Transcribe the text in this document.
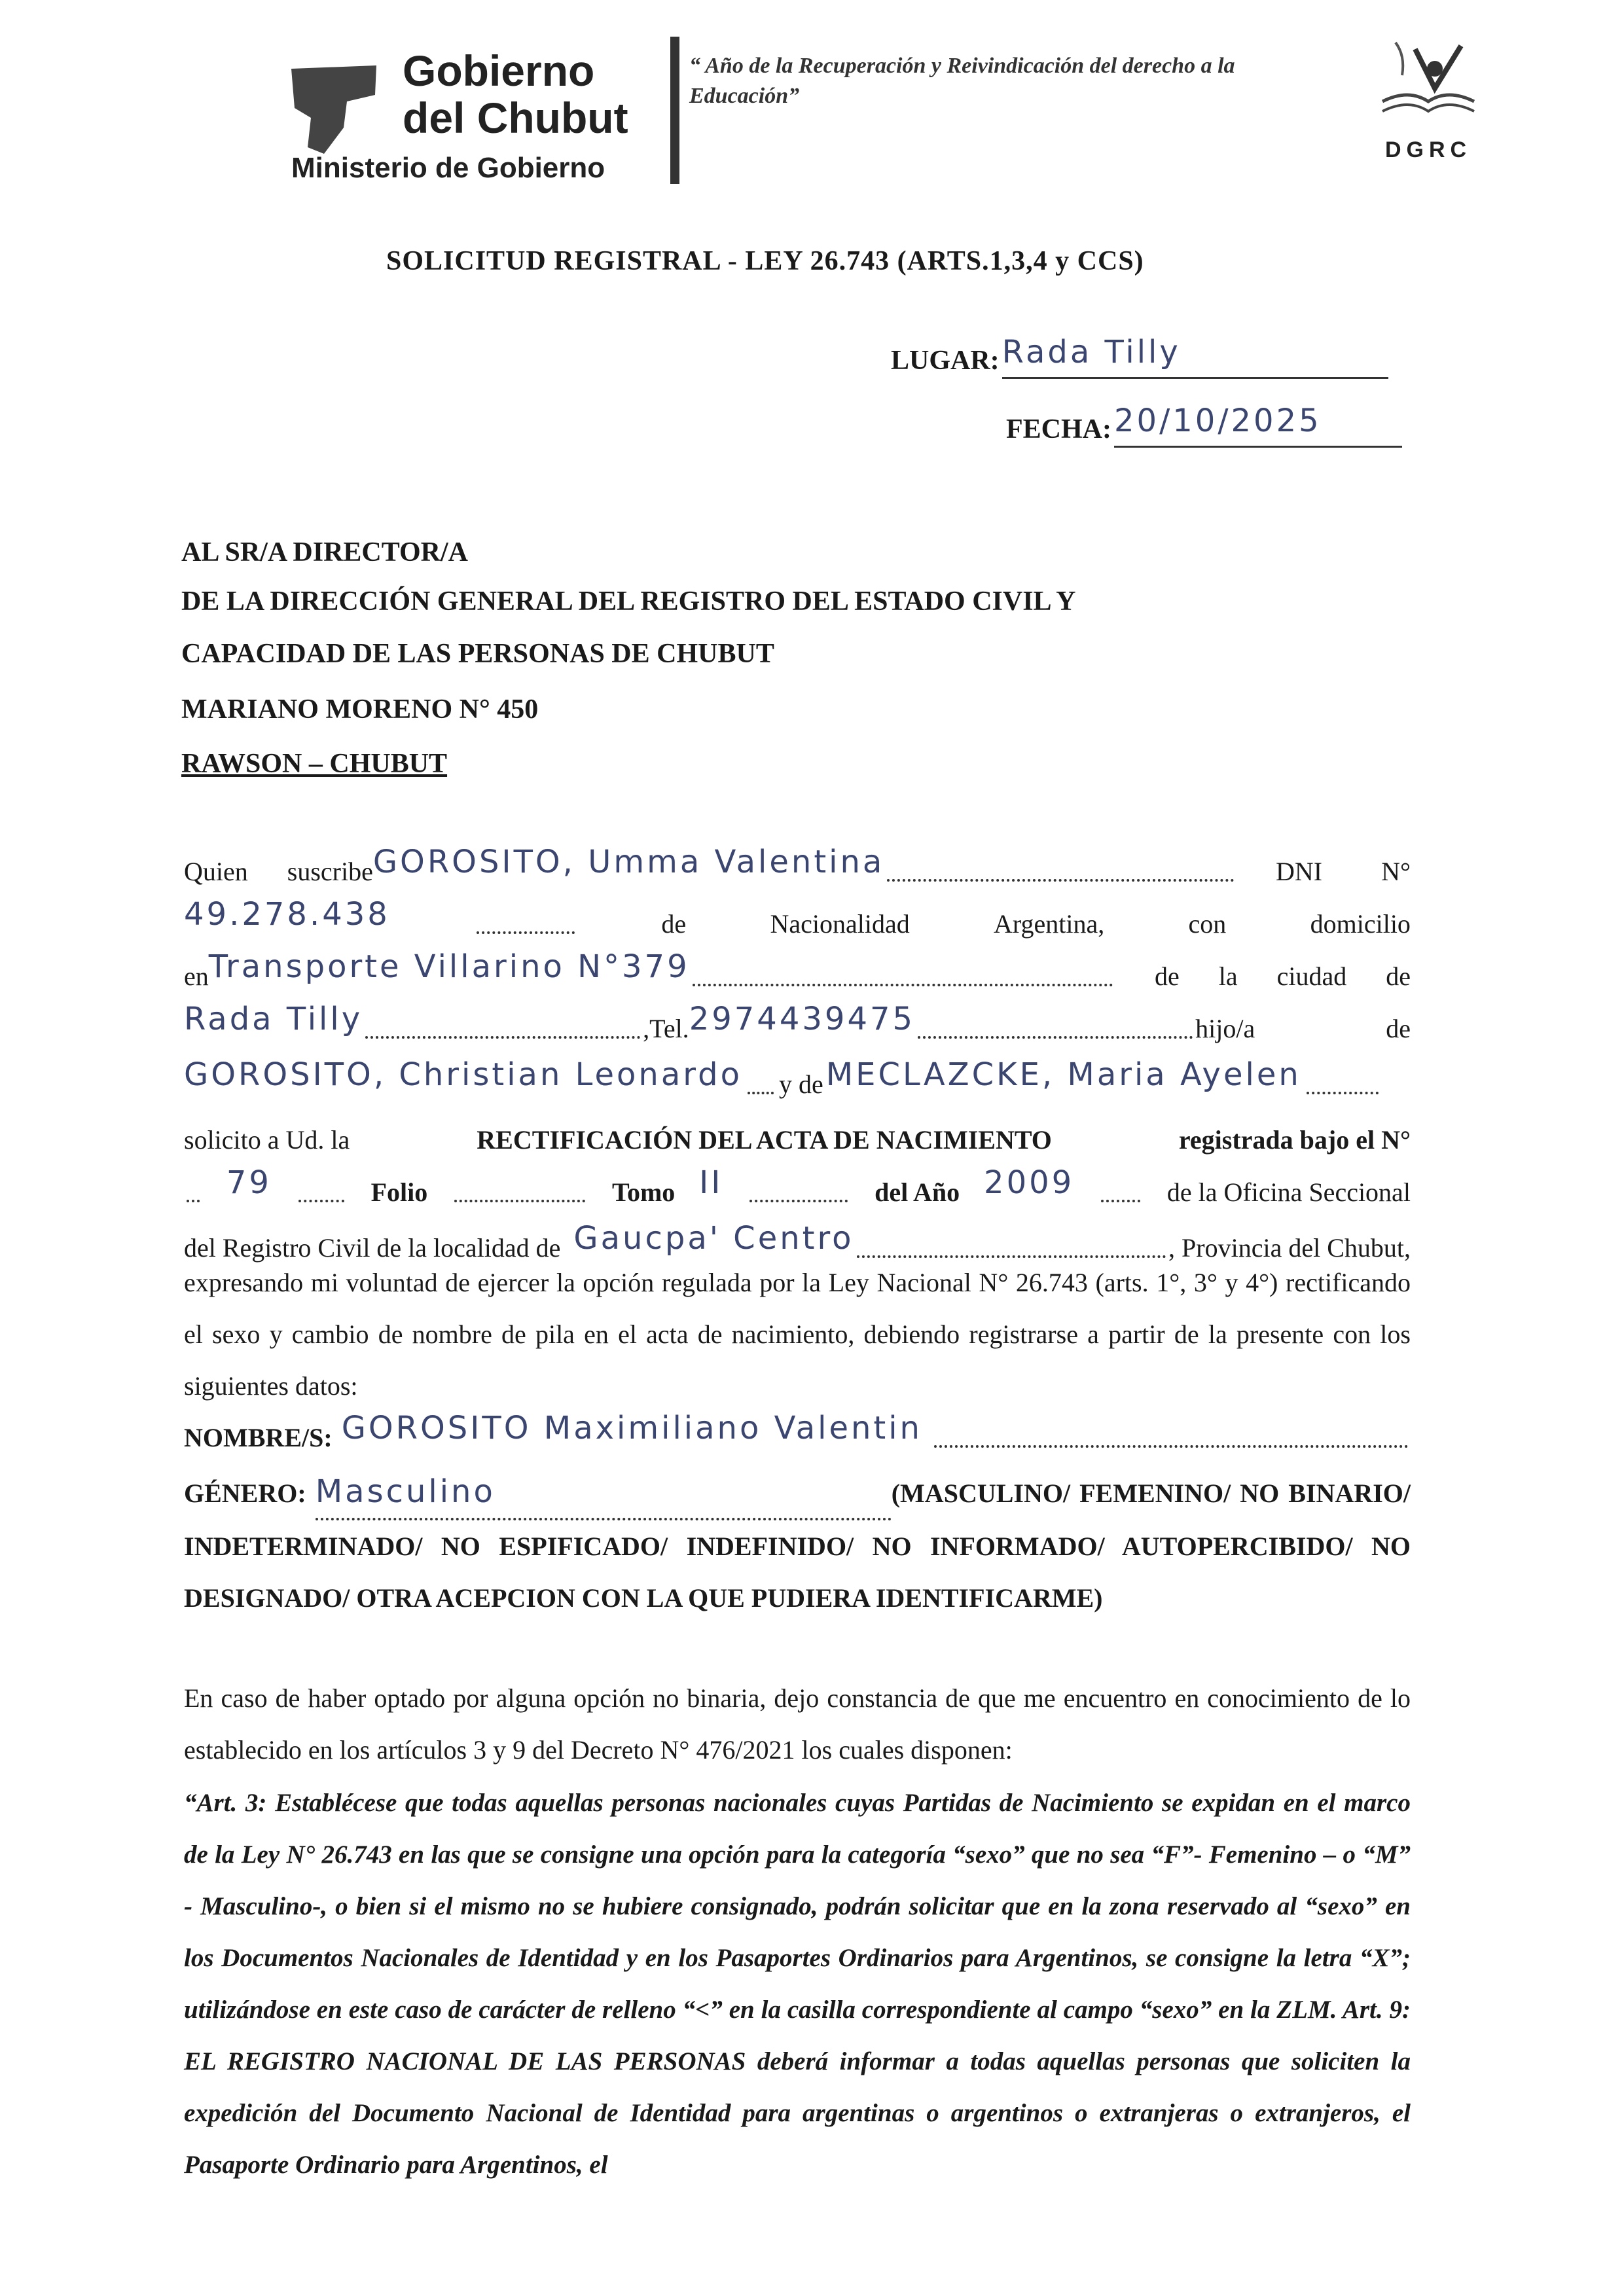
Gobierno
del Chubut
Ministerio de Gobierno
“ Año de la Recuperación y Reivindicación del derecho a la Educación”
DGRC
SOLICITUD REGISTRAL - LEY 26.743 (ARTS.1,3,4 y CCS)
LUGAR: Rada Tilly
FECHA: 20/10/2025
AL SR/A DIRECTOR/A
DE LA DIRECCIÓN GENERAL DEL REGISTRO DEL ESTADO CIVIL Y
CAPACIDAD DE LAS PERSONAS DE CHUBUT
MARIANO MORENO N° 450
RAWSON – CHUBUT
Quien suscribe GOROSITO, Umma Valentina	DNI N°
49.278.438	de	Nacionalidad	Argentina,	con	domicilio
en Transporte Villarino N°379	de la ciudad de
Rada Tilly	,Tel. 2974439475	hijo/a	de
GOROSITO, Christian Leonardo y de MECLAZCKE, Maria Ayelen
solicito a Ud. la	RECTIFICACIÓN DEL ACTA DE NACIMIENTO	registrada bajo el N°
79	Folio	Tomo II	del Año 2009	de la Oficina Seccional
del Registro Civil de la localidad de Gaucpa' Centro	, Provincia del Chubut,
expresando mi voluntad de ejercer la opción regulada por la Ley Nacional N° 26.743 (arts. 1°, 3° y 4°) rectificando el sexo y cambio de nombre de pila en el acta de nacimiento, debiendo registrarse a partir de la presente con los siguientes datos:
NOMBRE/S: GOROSITO Maximiliano Valentin
GÉNERO: Masculino	(MASCULINO/ FEMENINO/ NO BINARIO/ INDETERMINADO/ NO ESPIFICADO/ INDEFINIDO/ NO INFORMADO/ AUTOPERCIBIDO/ NO DESIGNADO/ OTRA ACEPCION CON LA QUE PUDIERA IDENTIFICARME)
En caso de haber optado por alguna opción no binaria, dejo constancia de que me encuentro en conocimiento de lo establecido en los artículos 3 y 9 del Decreto N° 476/2021 los cuales disponen:
“Art. 3: Establécese que todas aquellas personas nacionales cuyas Partidas de Nacimiento se expidan en el marco de la Ley N° 26.743 en las que se consigne una opción para la categoría “sexo” que no sea “F”- Femenino – o “M” - Masculino-, o bien si el mismo no se hubiere consignado, podrán solicitar que en la zona reservado al “sexo” en los Documentos Nacionales de Identidad y en los Pasaportes Ordinarios para Argentinos, se consigne la letra “X”; utilizándose en este caso de carácter de relleno “<” en la casilla correspondiente al campo “sexo” en la ZLM. Art. 9: EL REGISTRO NACIONAL DE LAS PERSONAS deberá informar a todas aquellas personas que soliciten la expedición del Documento Nacional de Identidad para argentinas o argentinos o extranjeras o extranjeros, el Pasaporte Ordinario para Argentinos, el
